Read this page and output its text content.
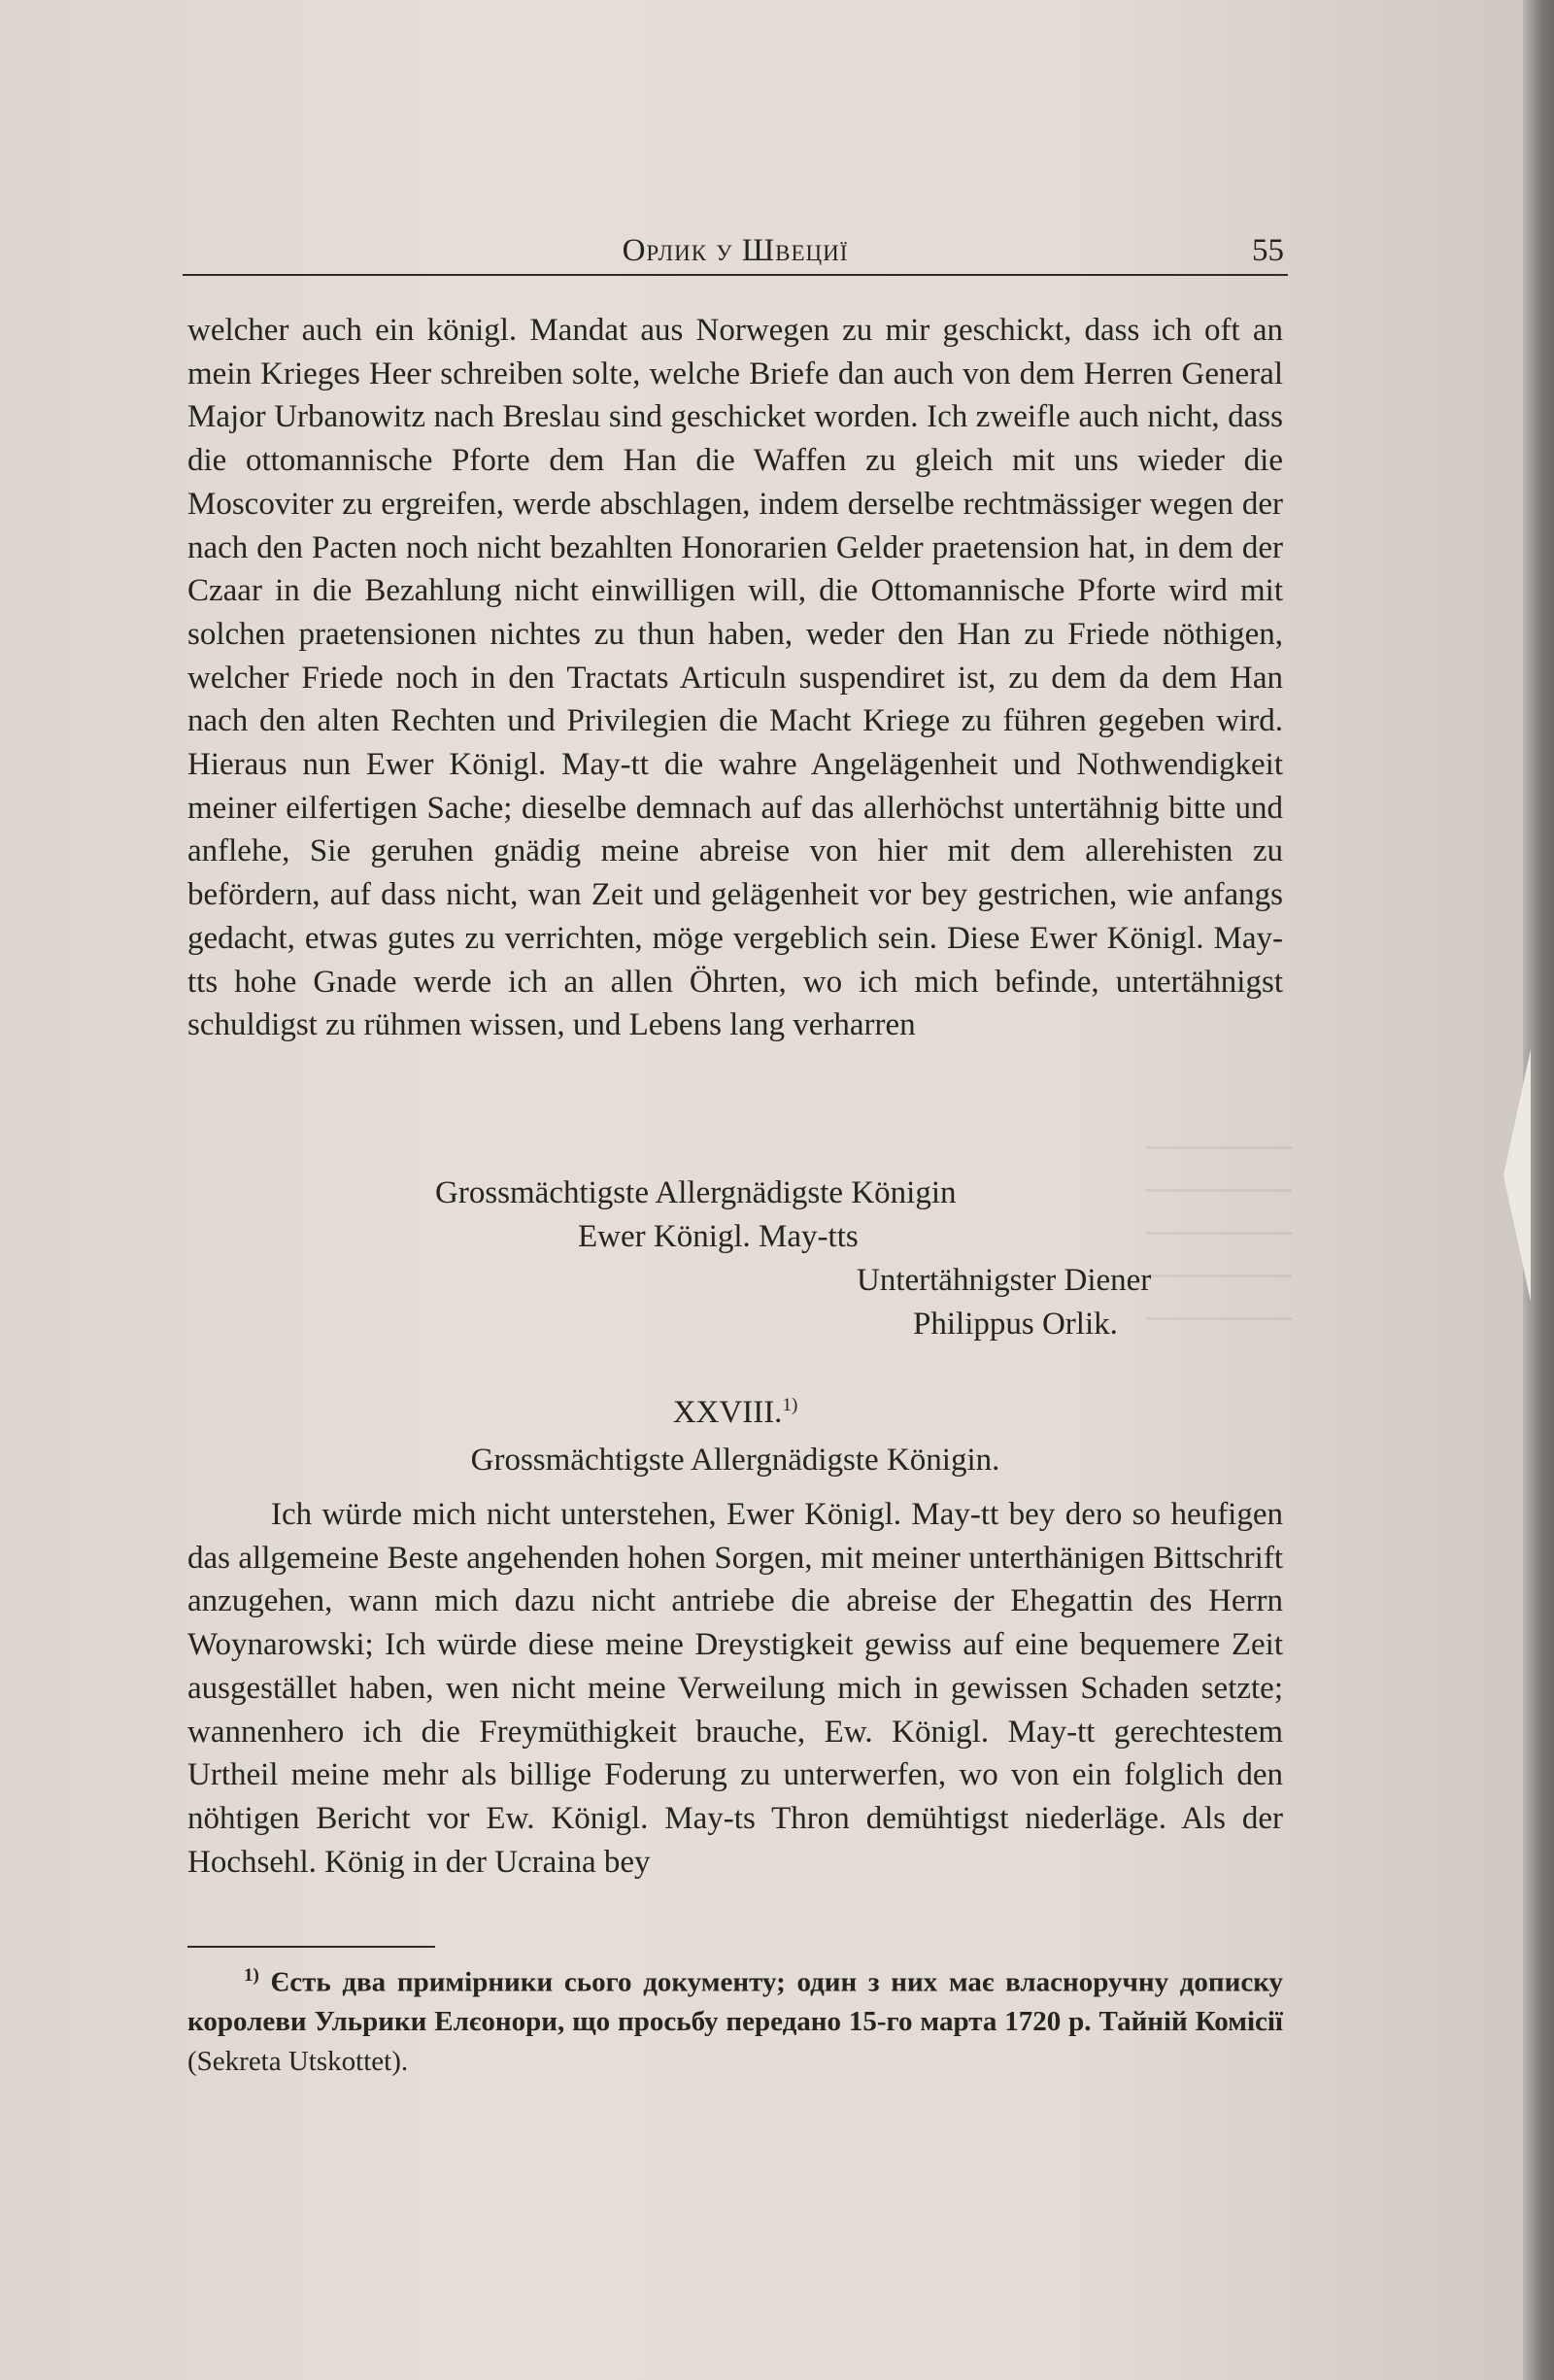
Орлик у Швециї	55

welcher auch ein königl. Mandat aus Norwegen zu mir geschickt, dass ich oft an mein Krieges Heer schreiben solte, welche Briefe dan auch von dem Herren General Major Urbanowitz nach Breslau sind geschicket worden. Ich zweifle auch nicht, dass die ottomannische Pforte dem Han die Waffen zu gleich mit uns wieder die Moscoviter zu ergreifen, werde abschlagen, indem derselbe rechtmässiger wegen der nach den Pacten noch nicht bezahlten Honorarien Gelder praetension hat, in dem der Czaar in die Bezahlung nicht einwilligen will, die Ottomannische Pforte wird mit solchen praetensionen nichtes zu thun haben, weder den Han zu Friede nöthigen, welcher Friede noch in den Tractats Articuln suspendiret ist, zu dem da dem Han nach den alten Rechten und Privilegien die Macht Kriege zu führen gegeben wird. Hieraus nun Ewer Königl. May-tt die wahre Angelägenheit und Nothwendigkeit meiner eilfertigen Sache; dieselbe demnach auf das allerhöchst untertähnig bitte und anflehe, Sie geruhen gnädig meine abreise von hier mit dem allerehisten zu befördern, auf dass nicht, wan Zeit und gelägenheit vor bey gestrichen, wie anfangs gedacht, etwas gutes zu verrichten, möge vergeblich sein. Diese Ewer Königl. May-tts hohe Gnade werde ich an allen Öhrten, wo ich mich befinde, untertähnigst schuldigst zu rühmen wissen, und Lebens lang verharren

Grossmächtigste Allergnädigste Königin
Ewer Königl. May-tts
Untertähnigster Diener
Philippus Orlik.
XXVIII.$^{1)}$
Grossmächtigste Allergnädigste Königin.

Ich würde mich nicht unterstehen, Ewer Königl. May-tt bey dero so heufigen das allgemeine Beste angehenden hohen Sorgen, mit meiner unterthänigen Bittschrift anzugehen, wann mich dazu nicht antriebe die abreise der Ehegattin des Herrn Woynarowski; Ich würde diese meine Dreystigkeit gewiss auf eine bequemere Zeit ausgestället haben, wen nicht meine Verweilung mich in gewissen Schaden setzte; wannenhero ich die Freymüthigkeit brauche, Ew. Königl. May-tt gerechtestem Urtheil meine mehr als billige Foderung zu unterwerfen, wo von ein folglich den nöhtigen Bericht vor Ew. Königl. May-ts Thron demühtigst niederläge. Als der Hochsehl. König in der Ucraina bey

$^{1)}$ Єсть два примірники сього документу; один з них має власноручну дописку королеви Ульрики Елєонори, що просьбу передано 15-го марта 1720 р. Тайній Комісії (Sekreta Utskottet).
